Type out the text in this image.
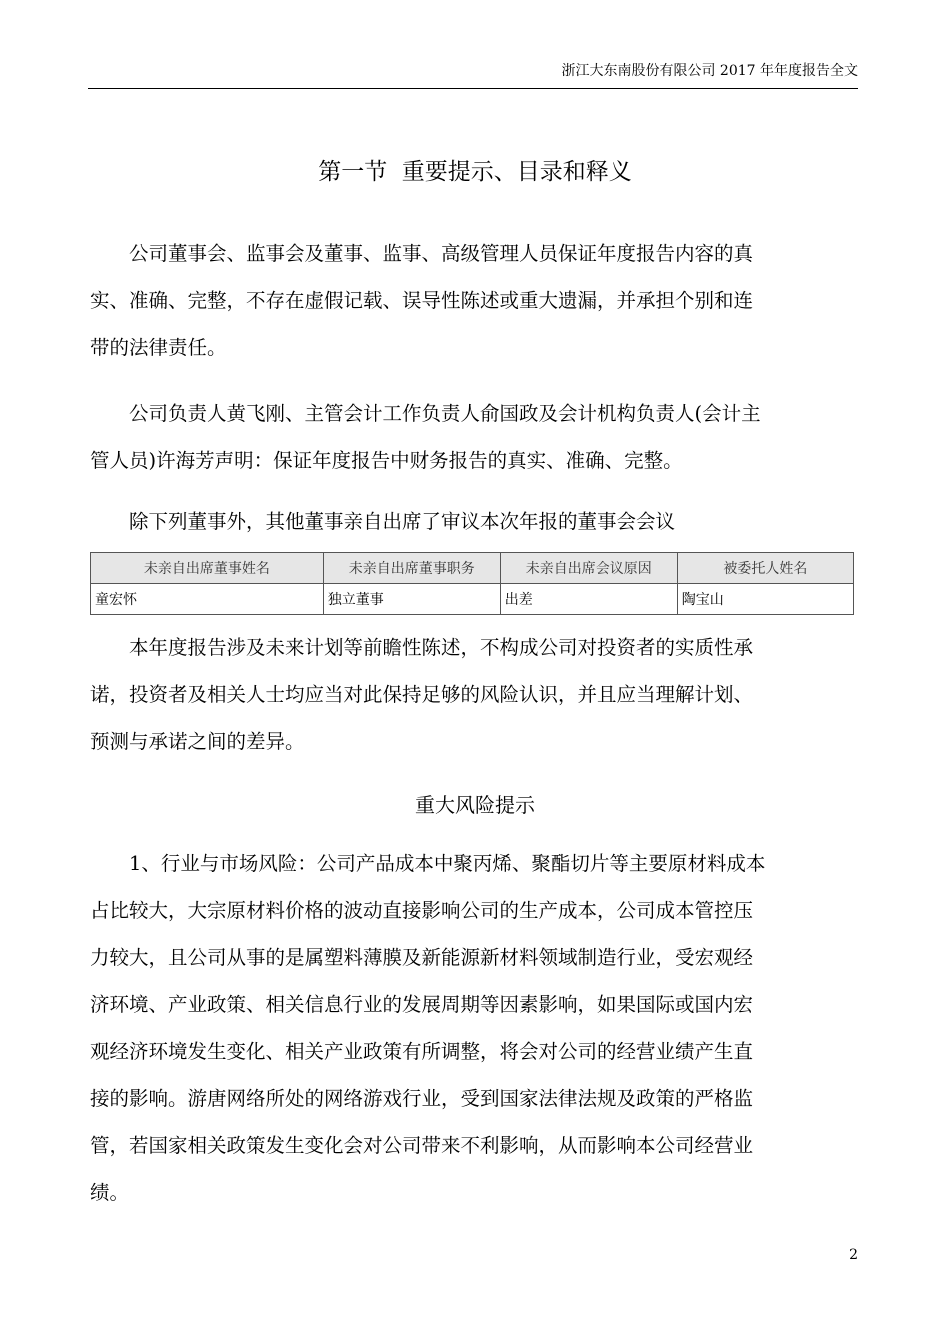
浙江大东南股份有限公司 2017 年年度报告全文
第一节  重要提示、目录和释义

公司董事会、监事会及董事、监事、高级管理人员保证年度报告内容的真
实、准确、完整，不存在虚假记载、误导性陈述或重大遗漏，并承担个别和连
带的法律责任。

公司负责人黄飞刚、主管会计工作负责人俞国政及会计机构负责人(会计主
管人员)许海芳声明：保证年度报告中财务报告的真实、准确、完整。

除下列董事外，其他董事亲自出席了审议本次年报的董事会会议

未亲自出席董事姓名	未亲自出席董事职务	未亲自出席会议原因	被委托人姓名
童宏怀	独立董事	出差	陶宝山

本年度报告涉及未来计划等前瞻性陈述，不构成公司对投资者的实质性承
诺，投资者及相关人士均应当对此保持足够的风险认识，并且应当理解计划、
预测与承诺之间的差异。

重大风险提示

1、行业与市场风险：公司产品成本中聚丙烯、聚酯切片等主要原材料成本
占比较大，大宗原材料价格的波动直接影响公司的生产成本，公司成本管控压
力较大，且公司从事的是属塑料薄膜及新能源新材料领域制造行业，受宏观经
济环境、产业政策、相关信息行业的发展周期等因素影响，如果国际或国内宏
观经济环境发生变化、相关产业政策有所调整，将会对公司的经营业绩产生直
接的影响。游唐网络所处的网络游戏行业，受到国家法律法规及政策的严格监
管，若国家相关政策发生变化会对公司带来不利影响，从而影响本公司经营业
绩。

2
